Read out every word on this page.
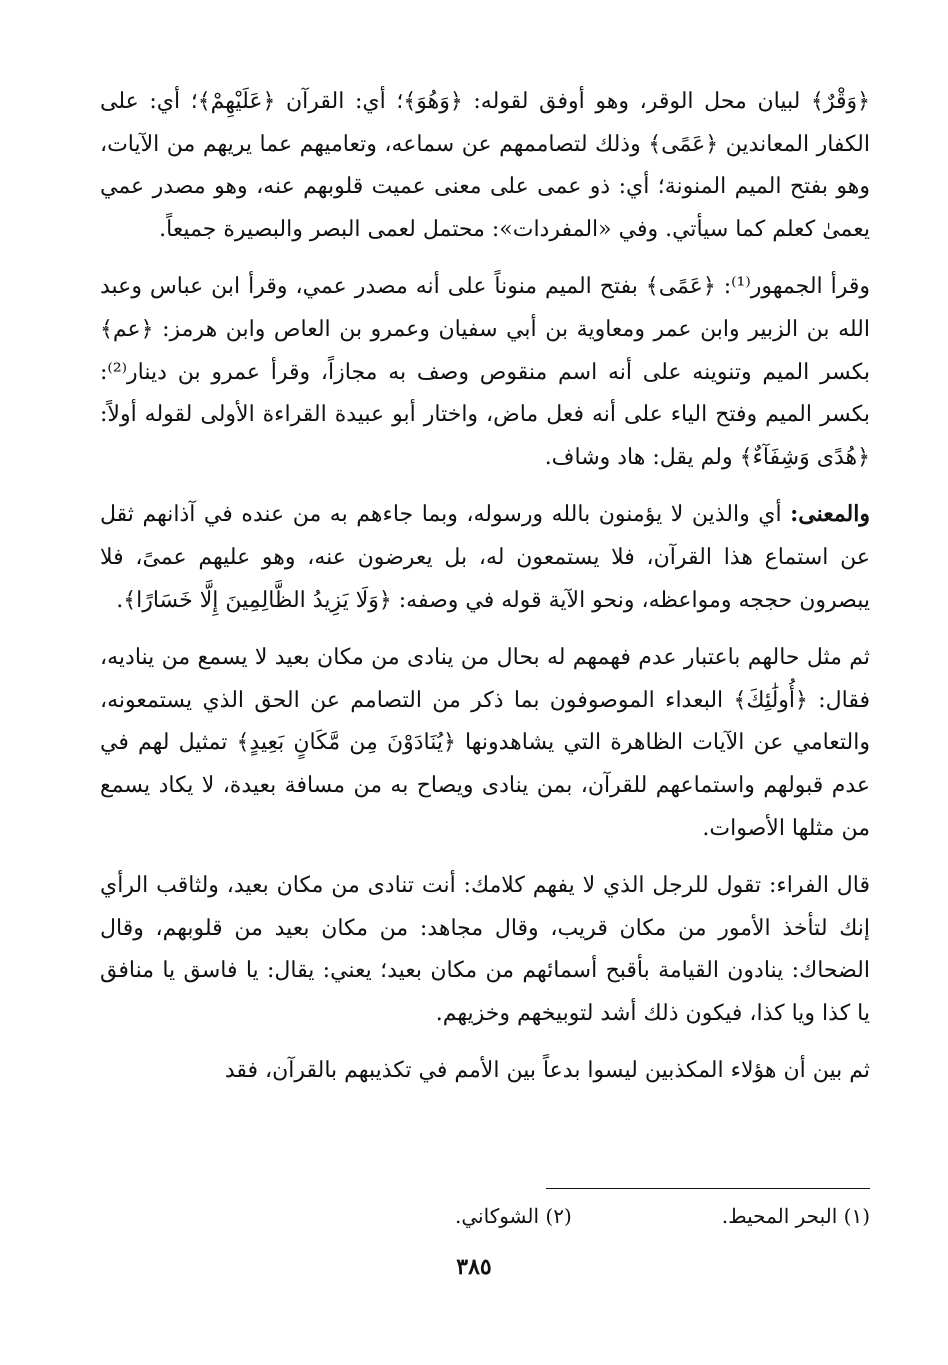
﴿وَقْرٌ﴾ لبيان محل الوقر، وهو أوفق لقوله: ﴿وَهُوَ﴾؛ أي: القرآن ﴿عَلَيْهِمْ﴾؛ أي: على الكفار المعاندين ﴿عَمًى﴾ وذلك لتصاممهم عن سماعه، وتعاميهم عما يريهم من الآيات، وهو بفتح الميم المنونة؛ أي: ذو عمى على معنى عميت قلوبهم عنه، وهو مصدر عمي يعمىٰ كعلم كما سيأتي. وفي «المفردات»: محتمل لعمى البصر والبصيرة جميعاً.

وقرأ الجمهور⁽¹⁾: ﴿عَمًى﴾ بفتح الميم منوناً على أنه مصدر عمي، وقرأ ابن عباس وعبد الله بن الزبير وابن عمر ومعاوية بن أبي سفيان وعمرو بن العاص وابن هرمز: ﴿عم﴾ بكسر الميم وتنوينه على أنه اسم منقوص وصف به مجازاً، وقرأ عمرو بن دينار⁽²⁾: بكسر الميم وفتح الياء على أنه فعل ماض، واختار أبو عبيدة القراءة الأولى لقوله أولاً: ﴿هُدًى وَشِفَآءٌ﴾ ولم يقل: هاد وشاف.

والمعنى: أي والذين لا يؤمنون بالله ورسوله، وبما جاءهم به من عنده في آذانهم ثقل عن استماع هذا القرآن، فلا يستمعون له، بل يعرضون عنه، وهو عليهم عمىً، فلا يبصرون حججه ومواعظه، ونحو الآية قوله في وصفه: ﴿وَلَا يَزِيدُ الظَّالِمِينَ إِلَّا خَسَارًا﴾.

ثم مثل حالهم باعتبار عدم فهمهم له بحال من ينادى من مكان بعيد لا يسمع من يناديه، فقال: ﴿أُولَٰئِكَ﴾ البعداء الموصوفون بما ذكر من التصامم عن الحق الذي يستمعونه، والتعامي عن الآيات الظاهرة التي يشاهدونها ﴿يُنَادَوْنَ مِن مَّكَانٍ بَعِيدٍ﴾ تمثيل لهم في عدم قبولهم واستماعهم للقرآن، بمن ينادى ويصاح به من مسافة بعيدة، لا يكاد يسمع من مثلها الأصوات.

قال الفراء: تقول للرجل الذي لا يفهم كلامك: أنت تنادى من مكان بعيد، ولثاقب الرأي إنك لتأخذ الأمور من مكان قريب، وقال مجاهد: من مكان بعيد من قلوبهم، وقال الضحاك: ينادون القيامة بأقبح أسمائهم من مكان بعيد؛ يعني: يقال: يا فاسق يا منافق يا كذا ويا كذا، فيكون ذلك أشد لتوبيخهم وخزيهم.

ثم بين أن هؤلاء المكذبين ليسوا بدعاً بين الأمم في تكذيبهم بالقرآن، فقد

(١) البحر المحيط.(٢) الشوكاني.
٣٨٥
